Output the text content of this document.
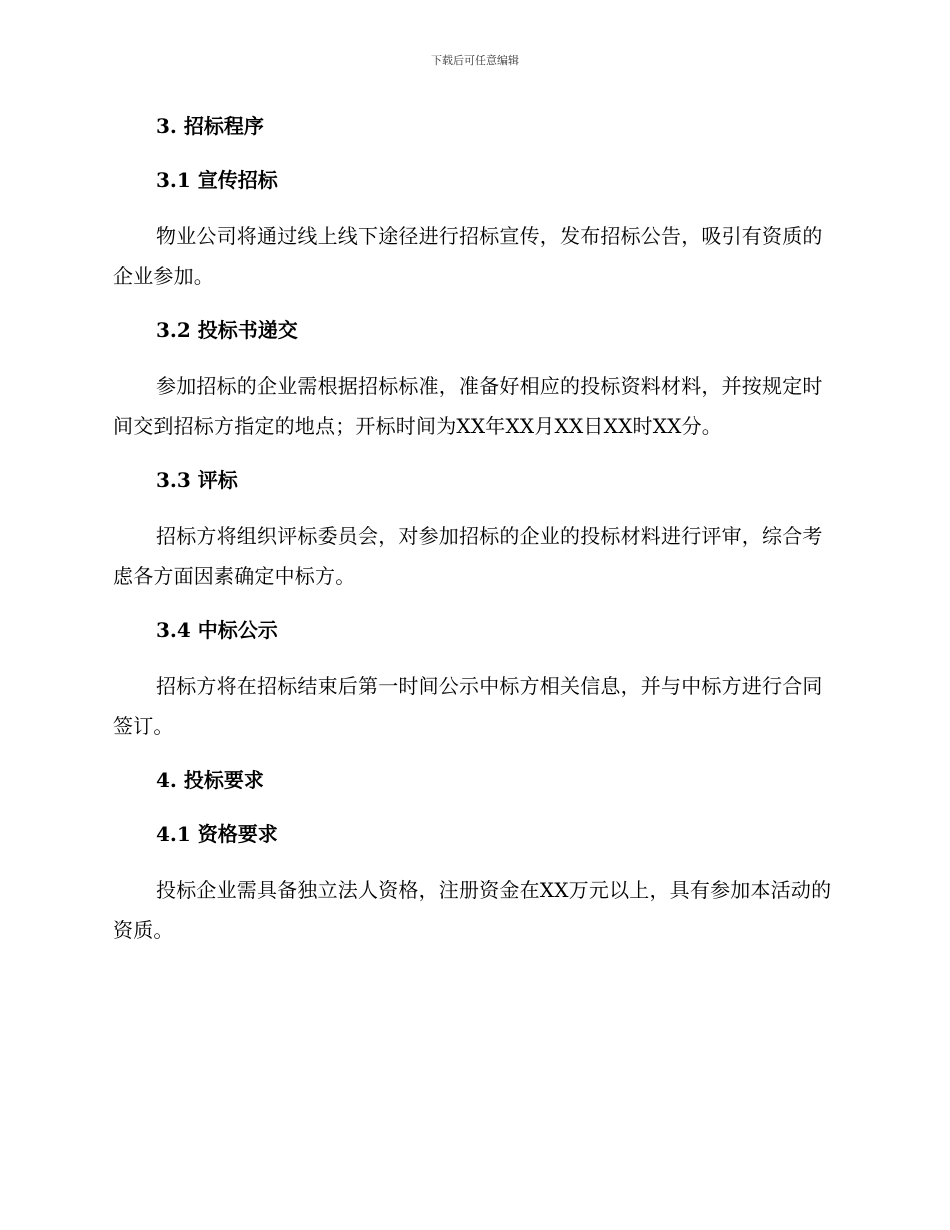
下载后可任意编辑
3. 招标程序
3.1 宣传招标
物业公司将通过线上线下途径进行招标宣传，发布招标公告，吸引有资质的企业参加。
3.2 投标书递交
参加招标的企业需根据招标标准，准备好相应的投标资料材料，并按规定时间交到招标方指定的地点；开标时间为XX年XX月XX日XX时XX分。
3.3 评标
招标方将组织评标委员会，对参加招标的企业的投标材料进行评审，综合考虑各方面因素确定中标方。
3.4 中标公示
招标方将在招标结束后第一时间公示中标方相关信息，并与中标方进行合同签订。
4. 投标要求
4.1 资格要求
投标企业需具备独立法人资格，注册资金在XX万元以上，具有参加本活动的资质。
